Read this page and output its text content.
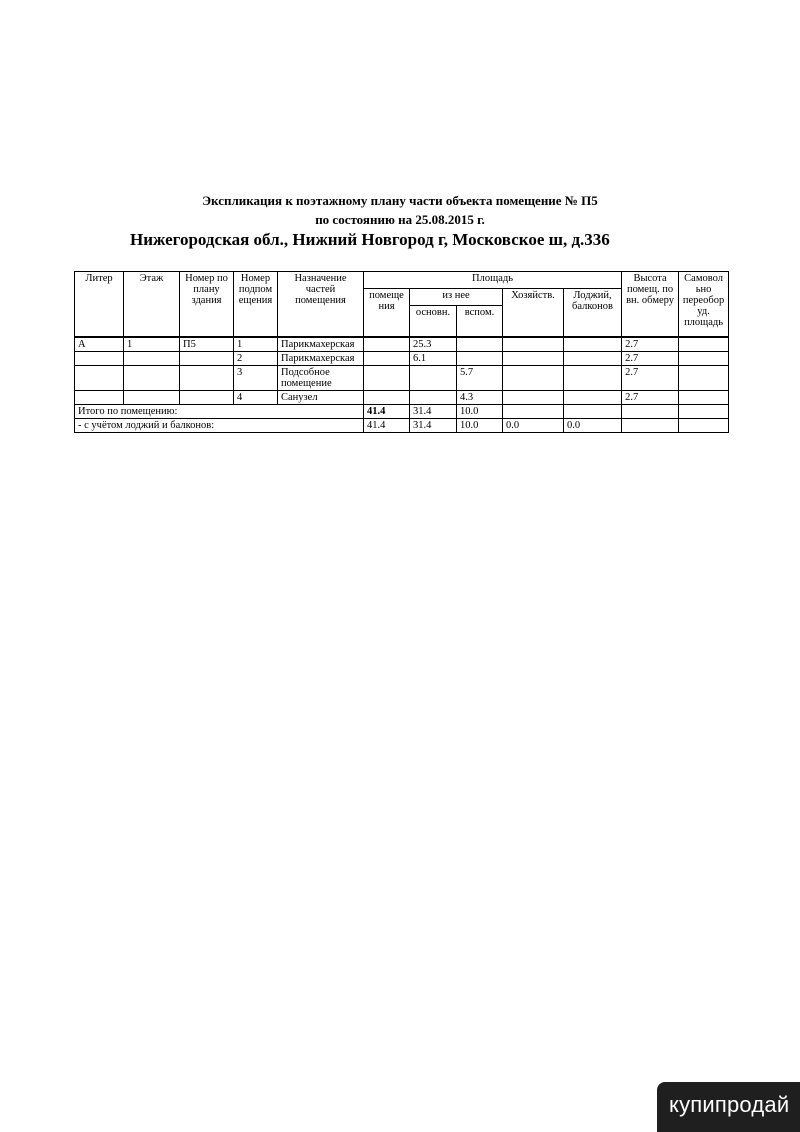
Экспликация к поэтажному плану части объекта помещение № П5
по состоянию на 25.08.2015 г.
Нижегородская обл., Нижний Новгород г, Московское ш, д.336
Литер	Этаж	Номер по плану здания	Номер подпом ещения	Назначение частей помещения	Площадь					Высота помещ. по вн. обмеру	Самовол ьно переобор уд. площадь
					помеще ния	из нее		Хозяйств.	Лоджий, балконов		
						основн.	вспом.				
А	1	П5	1	Парикмахерская		25.3				2.7	
			2	Парикмахерская		6.1				2.7	
			3	Подсобное помещение			5.7			2.7	
			4	Санузел			4.3			2.7	
Итого по помещению:					41.4	31.4	10.0				
- с учётом лоджий и балконов:					41.4	31.4	10.0	0.0	0.0		
купипродай
